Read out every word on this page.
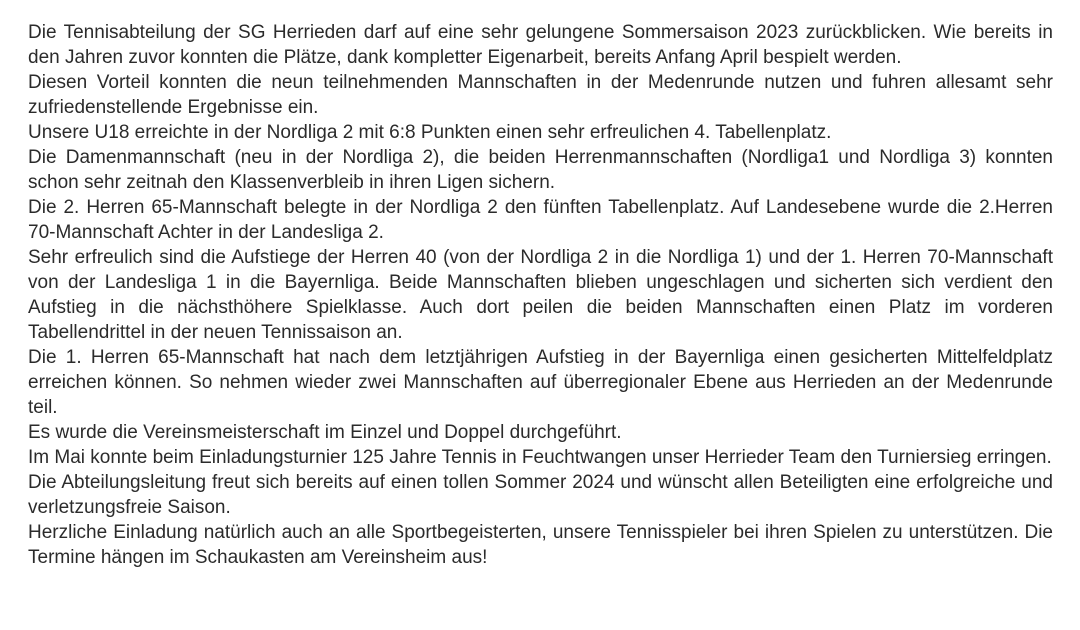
Die Tennisabteilung der SG Herrieden darf auf eine sehr gelungene Sommersaison 2023 zurückblicken. Wie bereits in den Jahren zuvor konnten die Plätze, dank kompletter Eigenarbeit, bereits Anfang April bespielt werden.

Diesen Vorteil konnten die neun teilnehmenden Mannschaften in der Medenrunde nutzen und fuhren allesamt sehr zufriedenstellende Ergebnisse ein.

Unsere U18 erreichte in der Nordliga 2 mit 6:8 Punkten einen sehr erfreulichen 4. Tabellenplatz.

Die Damenmannschaft (neu in der Nordliga 2), die beiden Herrenmannschaften (Nordliga1 und Nordliga 3) konnten schon sehr zeitnah den Klassenverbleib in ihren Ligen sichern.

Die 2. Herren 65-Mannschaft belegte in der Nordliga 2 den fünften Tabellenplatz. Auf Landesebene wurde die 2.Herren 70-Mannschaft Achter in der Landesliga 2.

Sehr erfreulich sind die Aufstiege der Herren 40 (von der Nordliga 2 in die Nordliga 1) und der 1. Herren 70-Mannschaft von der Landesliga 1 in die Bayernliga. Beide Mannschaften blieben ungeschlagen und sicherten sich verdient den Aufstieg in die nächsthöhere Spielklasse. Auch dort peilen die beiden Mannschaften einen Platz im vorderen Tabellendrittel in der neuen Tennissaison an.

Die 1. Herren 65-Mannschaft hat nach dem letztjährigen Aufstieg in der Bayernliga einen gesicherten Mittelfeldplatz erreichen können. So nehmen wieder zwei Mannschaften auf überregionaler Ebene aus Herrieden an der Medenrunde teil.

Es wurde die Vereinsmeisterschaft im Einzel und Doppel durchgeführt.

Im Mai konnte beim Einladungsturnier 125 Jahre Tennis in Feuchtwangen unser Herrieder Team den Turniersieg erringen.

Die Abteilungsleitung freut sich bereits auf einen tollen Sommer 2024 und wünscht allen Beteiligten eine erfolgreiche und verletzungsfreie Saison.

Herzliche Einladung natürlich auch an alle Sportbegeisterten, unsere Tennisspieler bei ihren Spielen zu unterstützen. Die Termine hängen im Schaukasten am Vereinsheim aus!
